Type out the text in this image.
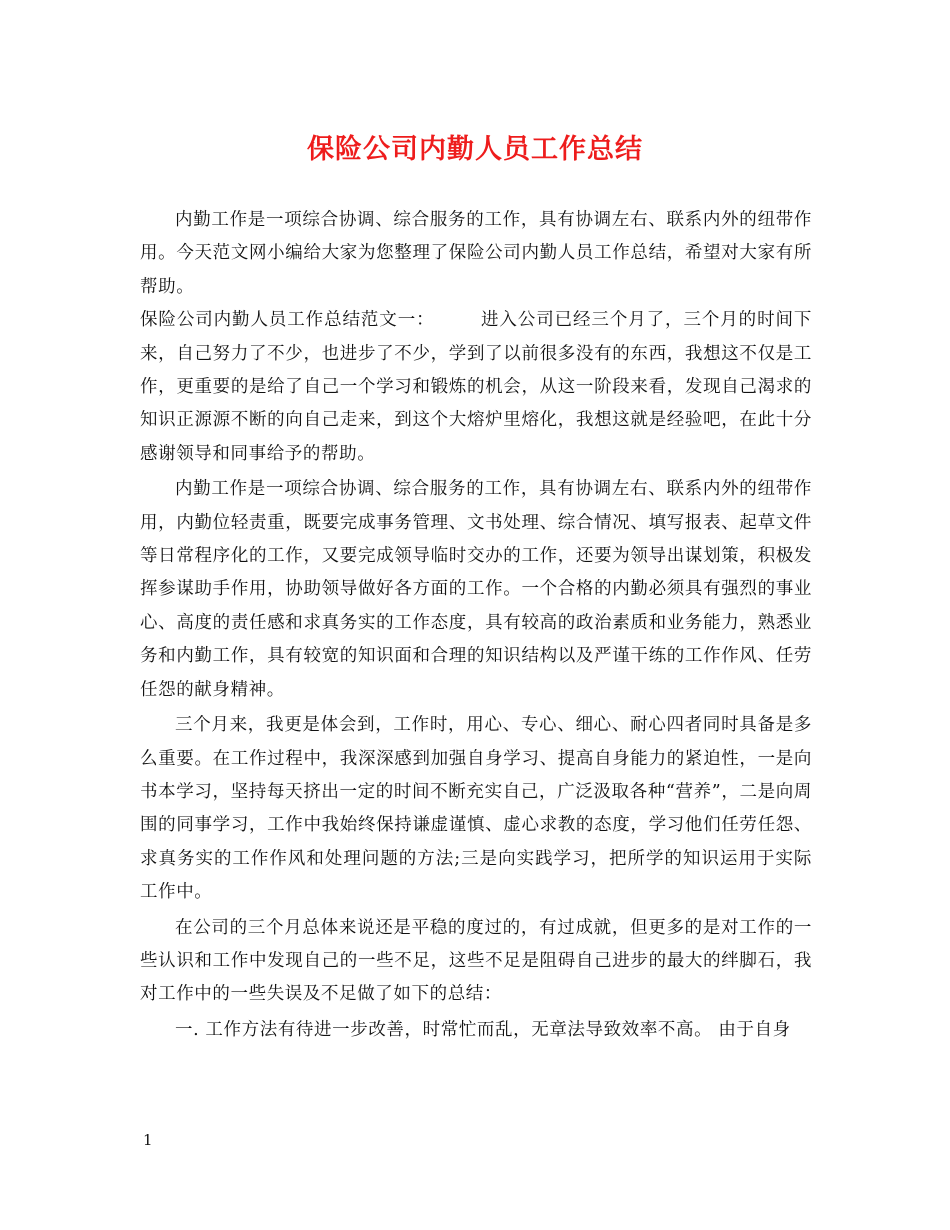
保险公司内勤人员工作总结

内勤工作是一项综合协调、综合服务的工作，具有协调左右、联系内外的纽带作用。今天范文网小编给大家为您整理了保险公司内勤人员工作总结，希望对大家有所帮助。

保险公司内勤人员工作总结范文一：　　　进入公司已经三个月了，三个月的时间下来，自己努力了不少，也进步了不少，学到了以前很多没有的东西，我想这不仅是工作，更重要的是给了自己一个学习和锻炼的机会，从这一阶段来看，发现自己渴求的知识正源源不断的向自己走来，到这个大熔炉里熔化，我想这就是经验吧，在此十分感谢领导和同事给予的帮助。

内勤工作是一项综合协调、综合服务的工作，具有协调左右、联系内外的纽带作用，内勤位轻责重，既要完成事务管理、文书处理、综合情况、填写报表、起草文件等日常程序化的工作，又要完成领导临时交办的工作，还要为领导出谋划策，积极发挥参谋助手作用，协助领导做好各方面的工作。一个合格的内勤必须具有强烈的事业心、高度的责任感和求真务实的工作态度，具有较高的政治素质和业务能力，熟悉业务和内勤工作，具有较宽的知识面和合理的知识结构以及严谨干练的工作作风、任劳任怨的献身精神。

三个月来，我更是体会到，工作时，用心、专心、细心、耐心四者同时具备是多么重要。在工作过程中，我深深感到加强自身学习、提高自身能力的紧迫性，一是向书本学习，坚持每天挤出一定的时间不断充实自己，广泛汲取各种“营养”，二是向周围的同事学习，工作中我始终保持谦虚谨慎、虚心求教的态度，学习他们任劳任怨、求真务实的工作作风和处理问题的方法;三是向实践学习，把所学的知识运用于实际工作中。

在公司的三个月总体来说还是平稳的度过的，有过成就，但更多的是对工作的一些认识和工作中发现自己的一些不足，这些不足是阻碍自己进步的最大的绊脚石，我对工作中的一些失误及不足做了如下的总结：

一. 工作方法有待进一步改善，时常忙而乱，无章法导致效率不高。 由于自身

1
